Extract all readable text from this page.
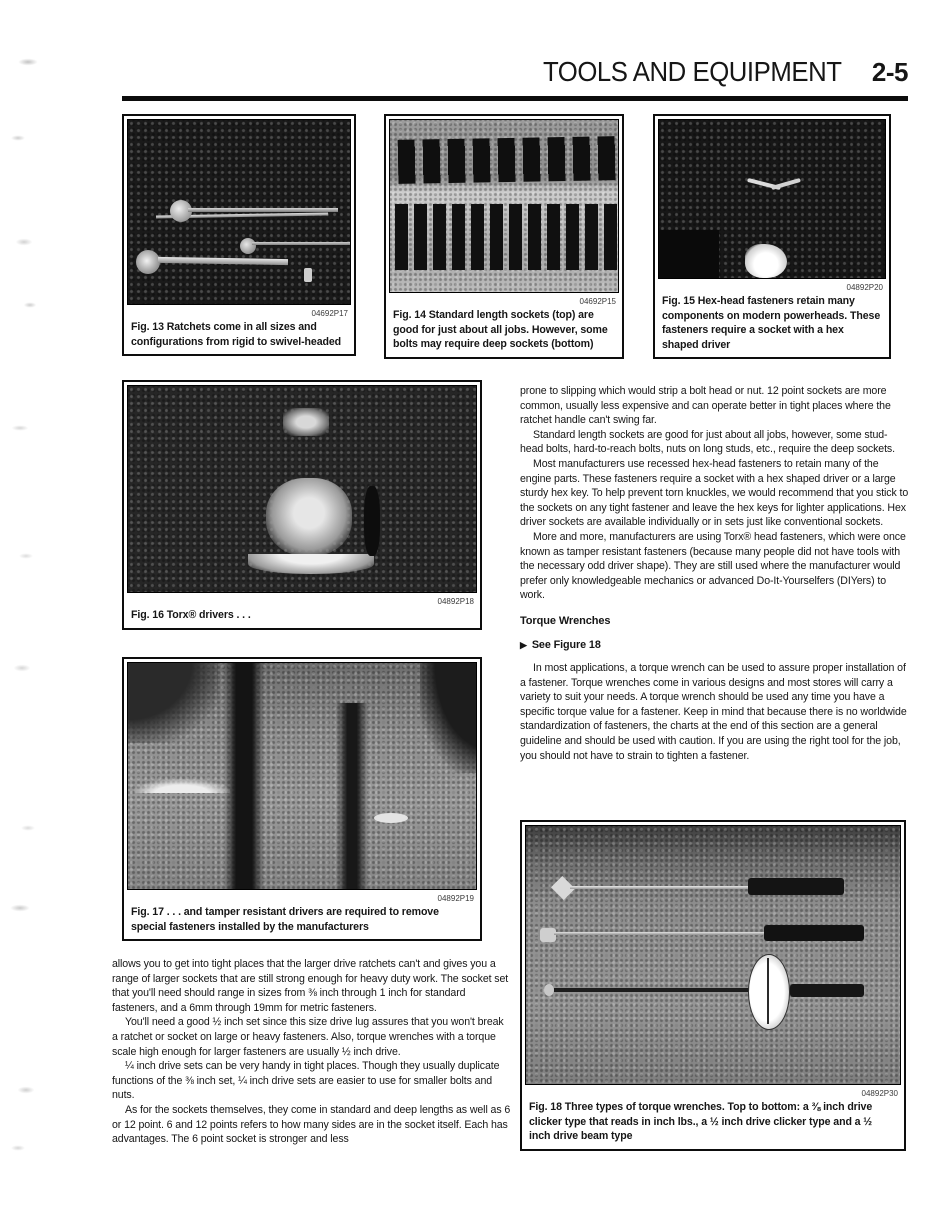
TOOLS AND EQUIPMENT 2-5
04692P17
Fig. 13 Ratchets come in all sizes and configurations from rigid to swivel-headed
04692P15
Fig. 14 Standard length sockets (top) are good for just about all jobs. However, some bolts may require deep sockets (bottom)
04892P20
Fig. 15 Hex-head fasteners retain many components on modern powerheads. These fasteners require a socket with a hex shaped driver
04892P18
Fig. 16 Torx® drivers . . .
04892P19
Fig. 17 . . . and tamper resistant drivers are required to remove special fasteners installed by the manufacturers
04892P30
Fig. 18 Three types of torque wrenches. Top to bottom: a ⅜ inch drive clicker type that reads in inch lbs., a ½ inch drive clicker type and a ½ inch drive beam type

prone to slipping which would strip a bolt head or nut. 12 point sockets are more common, usually less expensive and can operate better in tight places where the ratchet handle can't swing far.

Standard length sockets are good for just about all jobs, however, some stud-head bolts, hard-to-reach bolts, nuts on long studs, etc., require the deep sockets.

Most manufacturers use recessed hex-head fasteners to retain many of the engine parts. These fasteners require a socket with a hex shaped driver or a large sturdy hex key. To help prevent torn knuckles, we would recommend that you stick to the sockets on any tight fastener and leave the hex keys for lighter applications. Hex driver sockets are available individually or in sets just like conventional sockets.

More and more, manufacturers are using Torx® head fasteners, which were once known as tamper resistant fasteners (because many people did not have tools with the necessary odd driver shape). They are still used where the manufacturer would prefer only knowledgeable mechanics or advanced Do-It-Yourselfers (DIYers) to work.

Torque Wrenches
▶ See Figure 18

In most applications, a torque wrench can be used to assure proper installation of a fastener. Torque wrenches come in various designs and most stores will carry a variety to suit your needs. A torque wrench should be used any time you have a specific torque value for a fastener. Keep in mind that because there is no worldwide standardization of fasteners, the charts at the end of this section are a general guideline and should be used with caution. If you are using the right tool for the job, you should not have to strain to tighten a fastener.

allows you to get into tight places that the larger drive ratchets can't and gives you a range of larger sockets that are still strong enough for heavy duty work. The socket set that you'll need should range in sizes from ⅜ inch through 1 inch for standard fasteners, and a 6mm through 19mm for metric fasteners.

You'll need a good ½ inch set since this size drive lug assures that you won't break a ratchet or socket on large or heavy fasteners. Also, torque wrenches with a torque scale high enough for larger fasteners are usually ½ inch drive.

¼ inch drive sets can be very handy in tight places. Though they usually duplicate functions of the ⅜ inch set, ¼ inch drive sets are easier to use for smaller bolts and nuts.

As for the sockets themselves, they come in standard and deep lengths as well as 6 or 12 point. 6 and 12 points refers to how many sides are in the socket itself. Each has advantages. The 6 point socket is stronger and less
